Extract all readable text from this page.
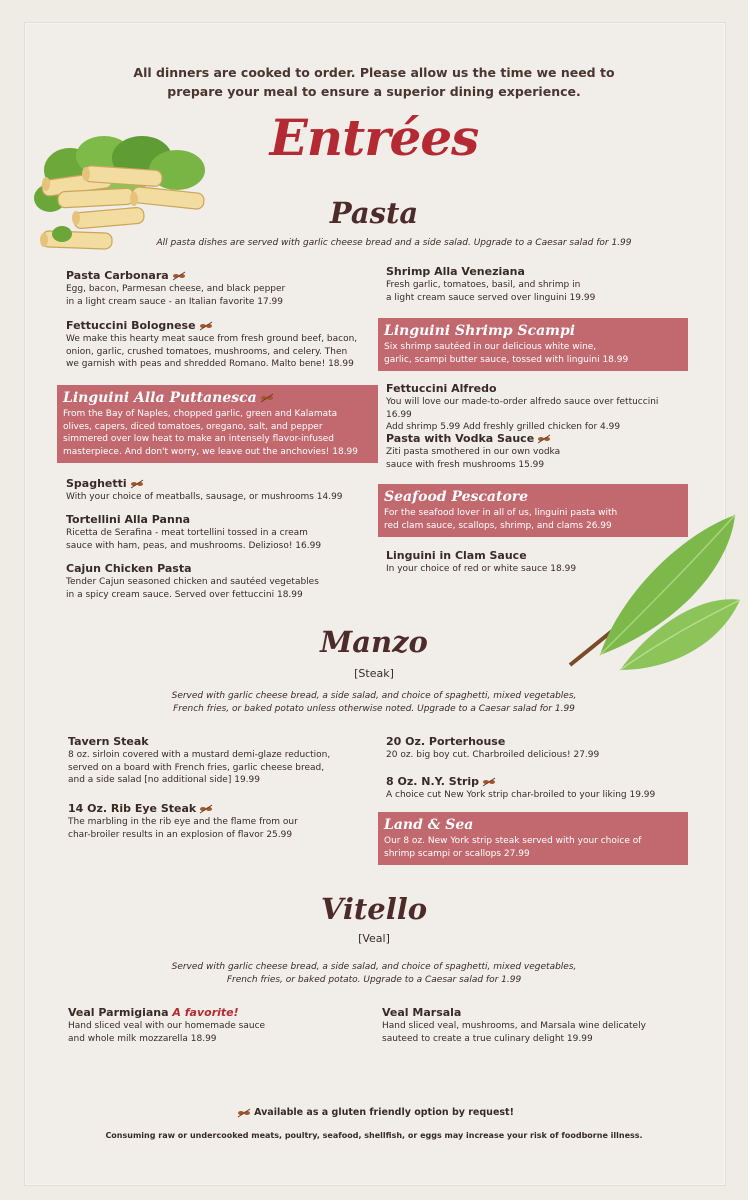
All dinners are cooked to order. Please allow us the time we need to
prepare your meal to ensure a superior dining experience.
Entrées
Pasta
All pasta dishes are served with garlic cheese bread and a side salad. Upgrade to a Caesar salad for 1.99
Pasta Carbonara
Egg, bacon, Parmesan cheese, and black pepper
in a light cream sauce - an Italian favorite 17.99
Fettuccini Bolognese
We make this hearty meat sauce from fresh ground beef, bacon,
onion, garlic, crushed tomatoes, mushrooms, and celery. Then
we garnish with peas and shredded Romano. Malto bene! 18.99
Linguini Alla Puttanesca
From the Bay of Naples, chopped garlic, green and Kalamata
olives, capers, diced tomatoes, oregano, salt, and pepper
simmered over low heat to make an intensely flavor-infused
masterpiece. And don't worry, we leave out the anchovies! 18.99
Spaghetti
With your choice of meatballs, sausage, or mushrooms 14.99
Tortellini Alla Panna
Ricetta de Serafina - meat tortellini tossed in a cream
sauce with ham, peas, and mushrooms. Delizioso! 16.99
Cajun Chicken Pasta
Tender Cajun seasoned chicken and sautéed vegetables
in a spicy cream sauce. Served over fettuccini 18.99
Shrimp Alla Veneziana
Fresh garlic, tomatoes, basil, and shrimp in
a light cream sauce served over linguini 19.99
Linguini Shrimp Scampi
Six shrimp sautéed in our delicious white wine,
garlic, scampi butter sauce, tossed with linguini 18.99
Fettuccini Alfredo
You will love our made-to-order alfredo sauce over fettuccini 16.99
Add shrimp 5.99 Add freshly grilled chicken for 4.99
Pasta with Vodka Sauce
Ziti pasta smothered in our own vodka
sauce with fresh mushrooms 15.99
Seafood Pescatore
For the seafood lover in all of us, linguini pasta with
red clam sauce, scallops, shrimp, and clams 26.99
Linguini in Clam Sauce
In your choice of red or white sauce 18.99
Manzo
[Steak]
Served with garlic cheese bread, a side salad, and choice of spaghetti, mixed vegetables,
French fries, or baked potato unless otherwise noted. Upgrade to a Caesar salad for 1.99
Tavern Steak
8 oz. sirloin covered with a mustard demi-glaze reduction,
served on a board with French fries, garlic cheese bread,
and a side salad [no additional side] 19.99
14 Oz. Rib Eye Steak
The marbling in the rib eye and the flame from our
char-broiler results in an explosion of flavor 25.99
20 Oz. Porterhouse
20 oz. big boy cut. Charbroiled delicious! 27.99
8 Oz. N.Y. Strip
A choice cut New York strip char-broiled to your liking 19.99
Land & Sea
Our 8 oz. New York strip steak served with your choice of
shrimp scampi or scallops 27.99
Vitello
[Veal]
Served with garlic cheese bread, a side salad, and choice of spaghetti, mixed vegetables,
French fries, or baked potato. Upgrade to a Caesar salad for 1.99
Veal Parmigiana A favorite!
Hand sliced veal with our homemade sauce
and whole milk mozzarella 18.99
Veal Marsala
Hand sliced veal, mushrooms, and Marsala wine delicately
sauteed to create a true culinary delight 19.99
Available as a gluten friendly option by request!
Consuming raw or undercooked meats, poultry, seafood, shellfish, or eggs may increase your risk of foodborne illness.
